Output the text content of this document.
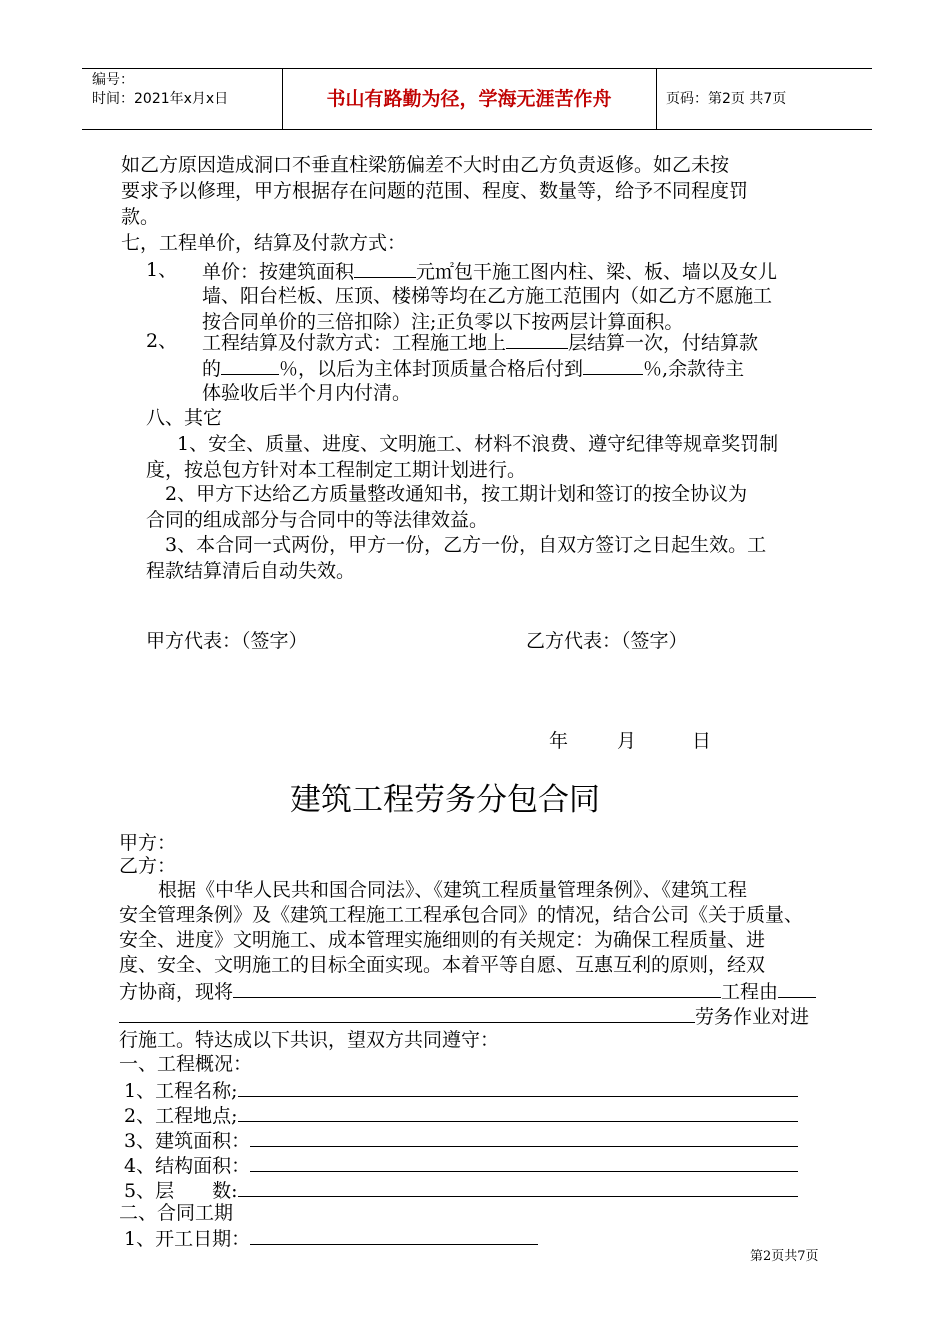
编号：
时间：2021年x月x日	书山有路勤为径，学海无涯苦作舟	页码：第2页 共7页
如乙方原因造成洞口不垂直柱梁筋偏差不大时由乙方负责返修。如乙未按
要求予以修理，甲方根据存在问题的范围、程度、数量等，给予不同程度罚
款。
七，工程单价，结算及付款方式：
1、 单价：按建筑面积	元㎡包干施工图内柱、梁、板、墙以及女儿
墙、阳台栏板、压顶、楼梯等均在乙方施工范围内（如乙方不愿施工
按合同单价的三倍扣除）注;正负零以下按两层计算面积。
2、 工程结算及付款方式：工程施工地上	层结算一次，付结算款
的	％，以后为主体封顶质量合格后付到	％,余款待主
体验收后半个月内付清。
八、其它
1、安全、质量、进度、文明施工、材料不浪费、遵守纪律等规章奖罚制
度，按总包方针对本工程制定工期计划进行。
2、甲方下达给乙方质量整改通知书，按工期计划和签订的按全协议为
合同的组成部分与合同中的等法律效益。
3、本合同一式两份，甲方一份，乙方一份，自双方签订之日起生效。工
程款结算清后自动失效。
甲方代表：（签字）	乙方代表：（签字）
年	月	日
建筑工程劳务分包合同
甲方：
乙方：
根据《中华人民共和国合同法》、《建筑工程质量管理条例》、《建筑工程
安全管理条例》及《建筑工程施工工程承包合同》的情况，结合公司《关于质量、
安全、进度》文明施工、成本管理实施细则的有关规定：为确保工程质量、进
度、安全、文明施工的目标全面实现。本着平等自愿、互惠互利的原则，经双
方协商，现将	工程由
劳务作业对进
行施工。特达成以下共识，望双方共同遵守：
一、工程概况：
1、工程名称;
2、工程地点;
3、建筑面积：
4、结构面积：
5、层　　数:
二、合同工期
1、开工日期：
第2页共7页
